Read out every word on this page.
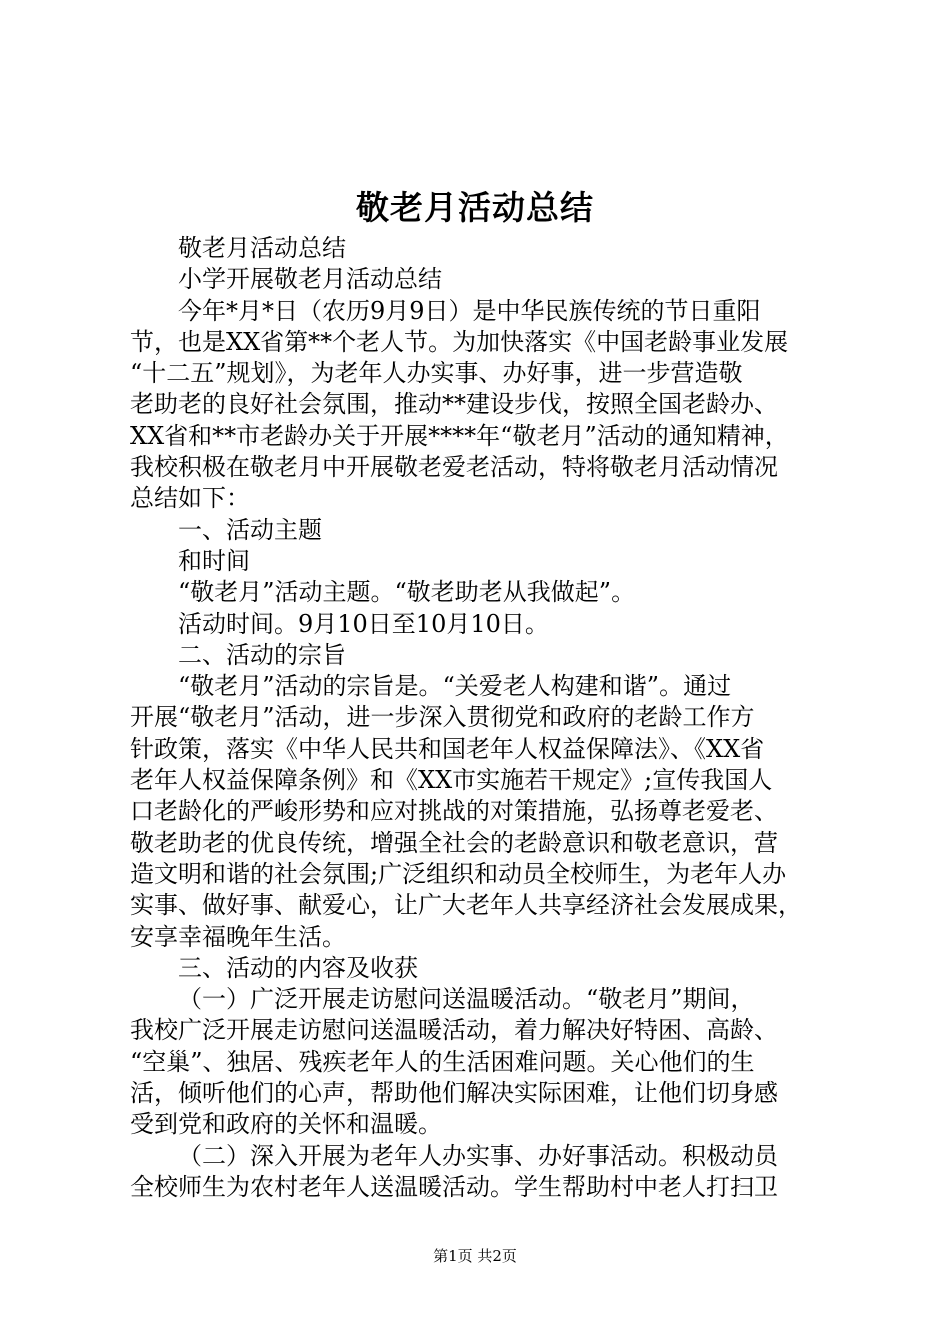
敬老月活动总结
敬老月活动总结
小学开展敬老月活动总结
今年*月*日（农历9月9日）是中华民族传统的节日重阳
节，也是XX省第**个老人节。为加快落实《中国老龄事业发展
“十二五”规划》，为老年人办实事、办好事，进一步营造敬
老助老的良好社会氛围，推动**建设步伐，按照全国老龄办、
XX省和**市老龄办关于开展****年“敬老月”活动的通知精神，
我校积极在敬老月中开展敬老爱老活动，特将敬老月活动情况
总结如下：
一、活动主题
和时间
“敬老月”活动主题。“敬老助老从我做起”。
活动时间。9月10日至10月10日。
二、活动的宗旨
“敬老月”活动的宗旨是。“关爱老人构建和谐”。通过
开展“敬老月”活动，进一步深入贯彻党和政府的老龄工作方
针政策，落实《中华人民共和国老年人权益保障法》、《XX省
老年人权益保障条例》和《XX市实施若干规定》;宣传我国人
口老龄化的严峻形势和应对挑战的对策措施，弘扬尊老爱老、
敬老助老的优良传统，增强全社会的老龄意识和敬老意识，营
造文明和谐的社会氛围;广泛组织和动员全校师生，为老年人办
实事、做好事、献爱心，让广大老年人共享经济社会发展成果，
安享幸福晚年生活。
三、活动的内容及收获
（一）广泛开展走访慰问送温暖活动。“敬老月”期间，
我校广泛开展走访慰问送温暖活动，着力解决好特困、高龄、
“空巢”、独居、残疾老年人的生活困难问题。关心他们的生
活，倾听他们的心声，帮助他们解决实际困难，让他们切身感
受到党和政府的关怀和温暖。
（二）深入开展为老年人办实事、办好事活动。积极动员
全校师生为农村老年人送温暖活动。学生帮助村中老人打扫卫
第1页 共2页
